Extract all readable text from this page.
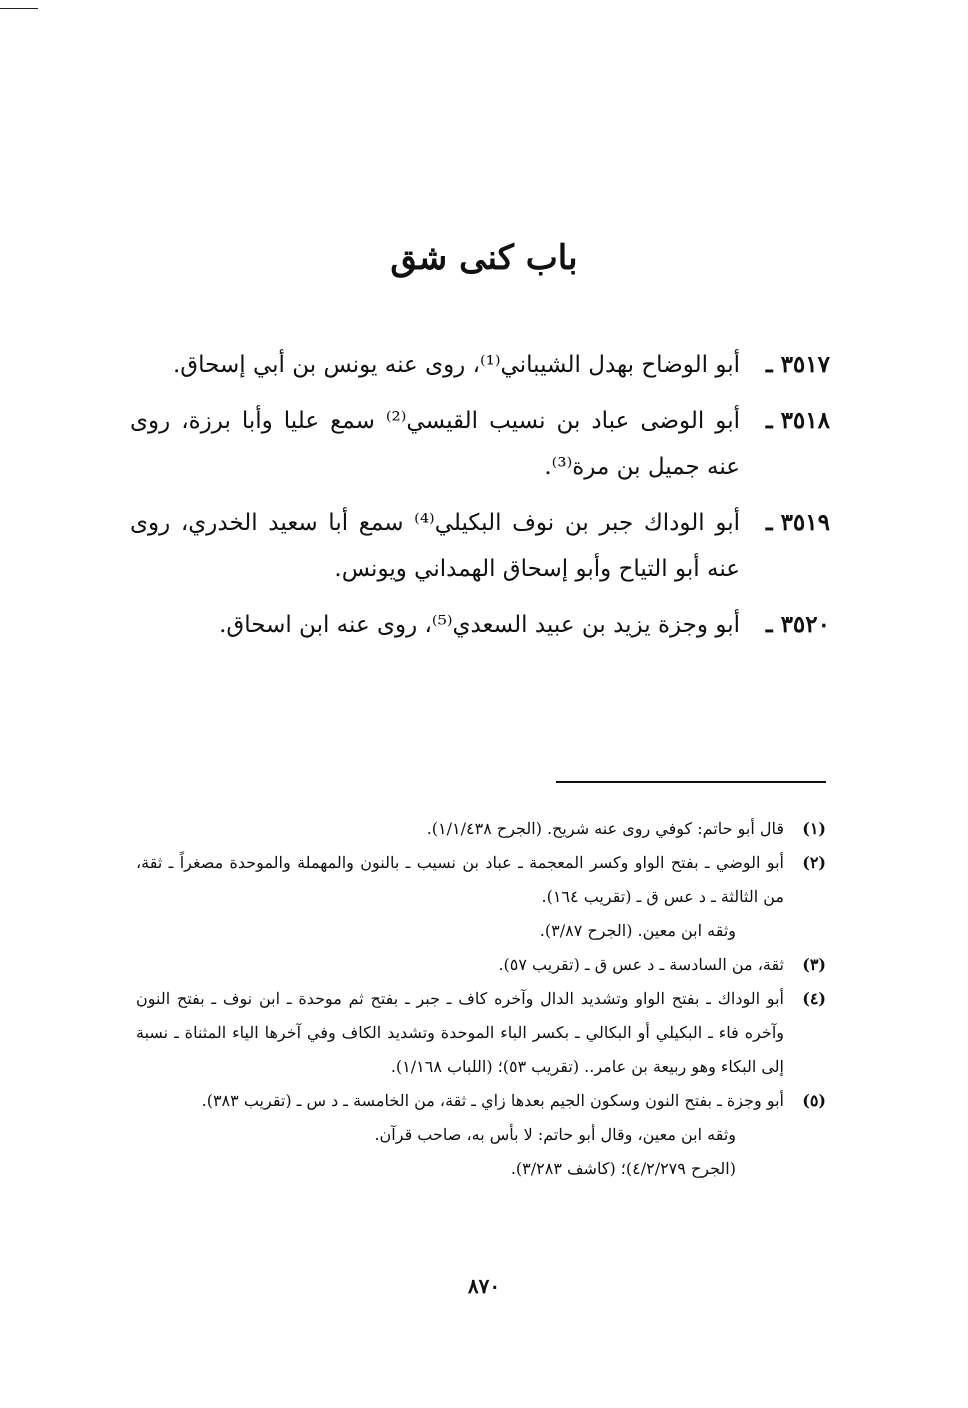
باب كنى شق
٣٥١٧ ـ
أبو الوضاح بهدل الشيباني⁽¹⁾، روى عنه يونس بن أبي إسحاق.
٣٥١٨ ـ
أبو الوضى عباد بن نسيب القيسي⁽²⁾ سمع عليا وأبا برزة، روى عنه جميل بن مرة⁽³⁾.
٣٥١٩ ـ
أبو الوداك جبر بن نوف البكيلي⁽⁴⁾ سمع أبا سعيد الخدري، روى عنه أبو التياح وأبو إسحاق الهمداني ويونس.
٣٥٢٠ ـ
أبو وجزة يزيد بن عبيد السعدي⁽⁵⁾، روى عنه ابن اسحاق.
(١)
قال أبو حاتم: كوفي روى عنه شريح. (الجرح ١/١/٤٣٨).
(٢)
أبو الوضي ـ بفتح الواو وكسر المعجمة ـ عباد بن نسيب ـ بالنون والمهملة والموحدة مصغراً ـ ثقة، من الثالثة ـ د عس ق ـ (تقريب ١٦٤).
وثقه ابن معين. (الجرح ٣/٨٧).
(٣)
ثقة، من السادسة ـ د عس ق ـ (تقريب ٥٧).
(٤)
أبو الوداك ـ بفتح الواو وتشديد الدال وآخره كاف ـ جبر ـ بفتح ثم موحدة ـ ابن نوف ـ بفتح النون وآخره فاء ـ البكيلي أو البكالي ـ بكسر الباء الموحدة وتشديد الكاف وفي آخرها الياء المثناة ـ نسبة إلى البكاء وهو ربيعة بن عامر.. (تقريب ٥٣)؛ (اللباب ١/١٦٨).
(٥)
أبو وجزة ـ بفتح النون وسكون الجيم بعدها زاي ـ ثقة، من الخامسة ـ د س ـ (تقريب ٣٨٣).
وثقه ابن معين، وقال أبو حاتم: لا بأس به، صاحب قرآن.
(الجرح ٤/٢/٢٧٩)؛ (كاشف ٣/٢٨٣).
٨٧٠
